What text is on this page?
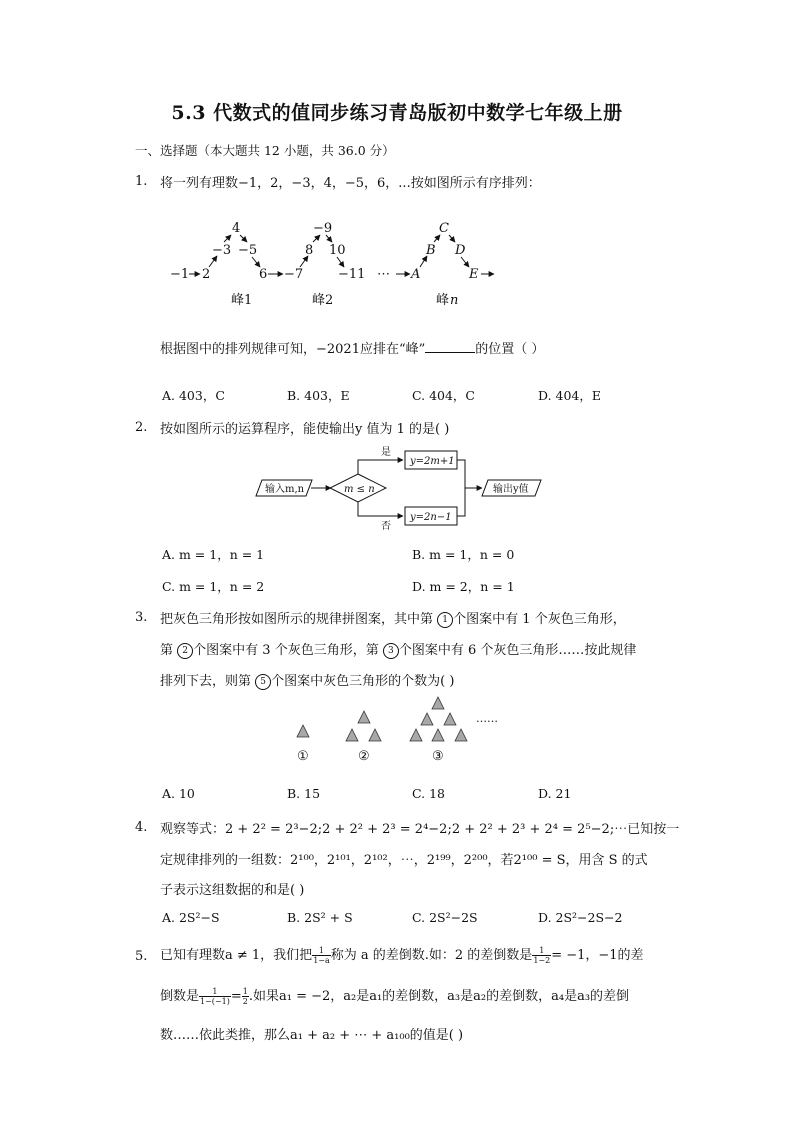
5.3 代数式的值同步练习青岛版初中数学七年级上册
一、选择题（本大题共 12 小题，共 36.0 分）
1. 将一列有理数−1，2，−3，4，−5，6，...按如图所示有序排列：
−1 2
−3
4
−5
6 −7
8
−9
10
−11 ⋯ A
B
C
D
E
峰1	峰2	峰 n
根据图中的排列规律可知，−2021应排在“峰”	的位置（ ）
A. 403，C	B. 403，E	C. 404，C	D. 404，E
2. 按如图所示的运算程序，能使输出y 值为 1 的是( )
输入m,n	m ≤ n
是
否
y=2m+1
y=2n−1
输出y值
A. m = 1，n = 1	B. m = 1，n = 0
C. m = 1，n = 2	D. m = 2，n = 1
3. 把灰色三角形按如图所示的规律拼图案，其中第 1 个图案中有 1 个灰色三角形，
第 2 个图案中有 3 个灰色三角形，第 3 个图案中有 6 个灰色三角形……按此规律
排列下去，则第 5 个图案中灰色三角形的个数为( )
①	②	③
……
A. 10	B. 15	C. 18	D. 21
4. 观察等式：2 + 2² = 2³−2;2 + 2² + 2³ = 2⁴−2;2 + 2² + 2³ + 2⁴ = 2⁵−2;⋯已知按一
定规律排列的一组数：2¹⁰⁰，2¹⁰¹，2¹⁰²，⋯，2¹⁹⁹，2²⁰⁰，若2¹⁰⁰ = S，用含 S 的式
子表示这组数据的和是( )
A. 2S²−S	B. 2S² + S	C. 2S²−2S	D. 2S²−2S−2
5. 已知有理数a ≠ 1，我们把 $\frac{1}{1-a}$ 称为 a 的差倒数.如：2 的差倒数是 $\frac{1}{1-2} = -1$，−1的差
倒数是 $\frac{1}{1-(-1)} = \frac{1}{2}$ .如果a₁ = −2，a₂是a₁的差倒数，a₃是a₂的差倒数，a₄是a₃的差倒
数……依此类推，那么a₁ + a₂ + ⋯ + a₁₀₀的值是( )
